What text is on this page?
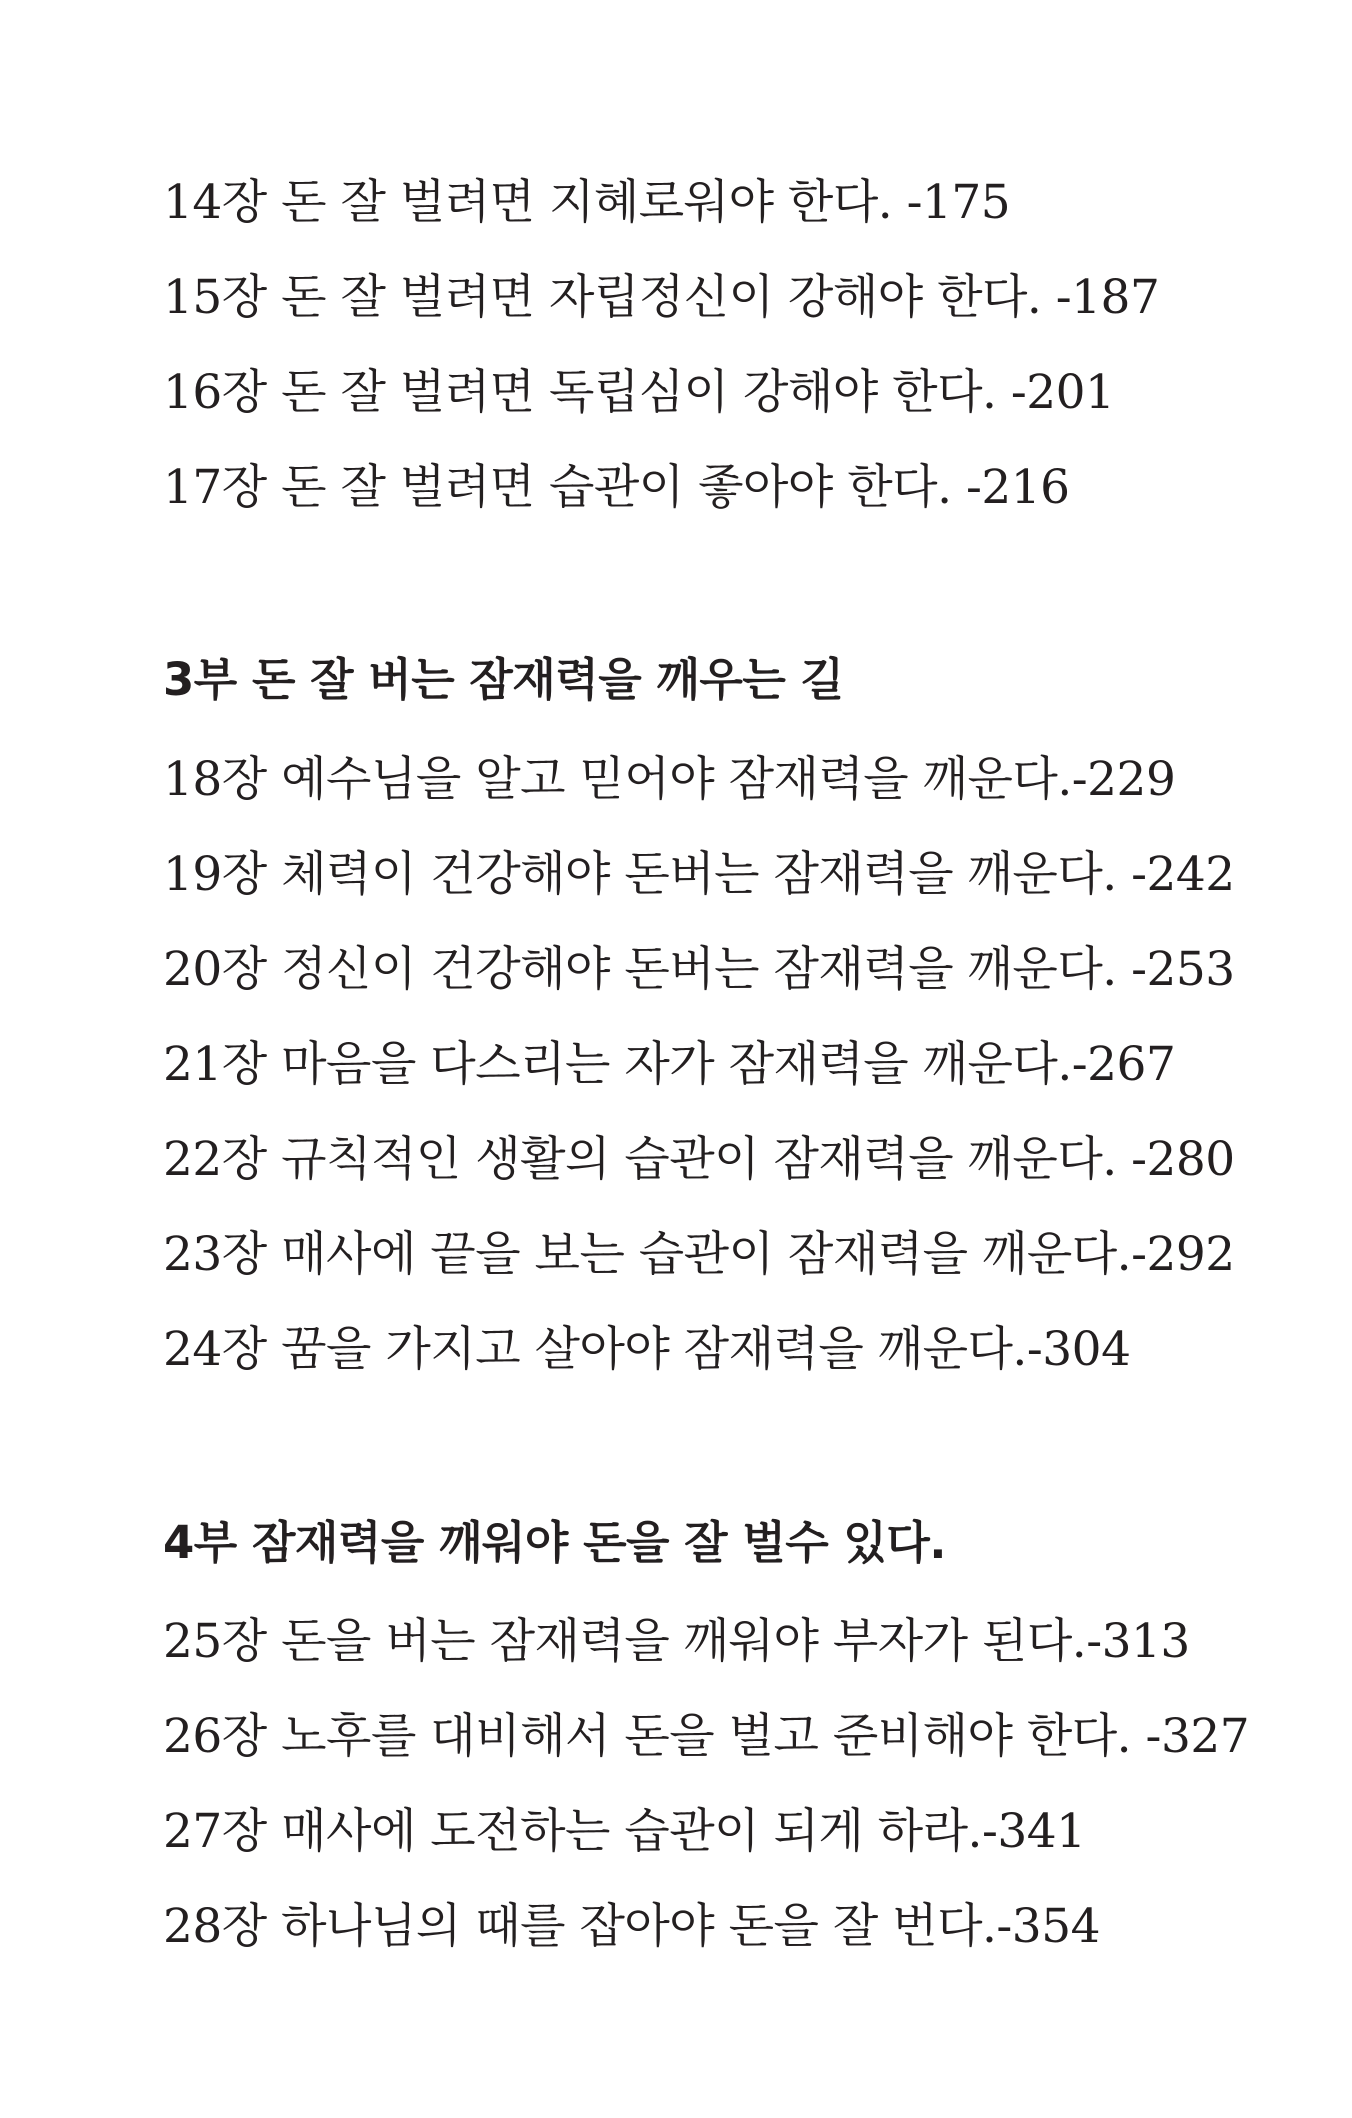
14장 돈 잘 벌려면 지혜로워야 한다. -175
15장 돈 잘 벌려면 자립정신이 강해야 한다. -187
16장 돈 잘 벌려면 독립심이 강해야 한다. -201
17장 돈 잘 벌려면 습관이 좋아야 한다. -216
3부 돈 잘 버는 잠재력을 깨우는 길
18장 예수님을 알고 믿어야 잠재력을 깨운다.-229
19장 체력이 건강해야 돈버는 잠재력을 깨운다. -242
20장 정신이 건강해야 돈버는 잠재력을 깨운다. -253
21장 마음을 다스리는 자가 잠재력을 깨운다.-267
22장 규칙적인 생활의 습관이 잠재력을 깨운다. -280
23장 매사에 끝을 보는 습관이 잠재력을 깨운다.-292
24장 꿈을 가지고 살아야 잠재력을 깨운다.-304
4부 잠재력을 깨워야 돈을 잘 벌수 있다.
25장 돈을 버는 잠재력을 깨워야 부자가 된다.-313
26장 노후를 대비해서 돈을 벌고 준비해야 한다. -327
27장 매사에 도전하는 습관이 되게 하라.-341
28장 하나님의 때를 잡아야 돈을 잘 번다.-354
